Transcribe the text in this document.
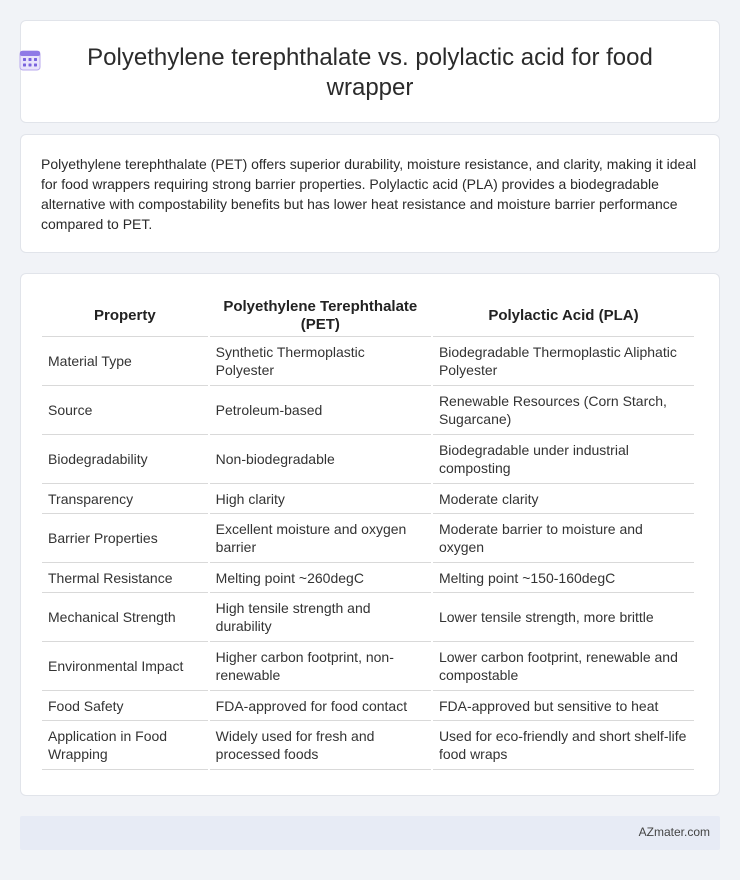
Polyethylene terephthalate vs. polylactic acid for food wrapper

Polyethylene terephthalate (PET) offers superior durability, moisture resistance, and clarity, making it ideal for food wrappers requiring strong barrier properties. Polylactic acid (PLA) provides a biodegradable alternative with compostability benefits but has lower heat resistance and moisture barrier performance compared to PET.

Property	Polyethylene Terephthalate (PET)	Polylactic Acid (PLA)
Material Type	Synthetic Thermoplastic Polyester	Biodegradable Thermoplastic Aliphatic Polyester
Source	Petroleum-based	Renewable Resources (Corn Starch, Sugarcane)
Biodegradability	Non-biodegradable	Biodegradable under industrial composting
Transparency	High clarity	Moderate clarity
Barrier Properties	Excellent moisture and oxygen barrier	Moderate barrier to moisture and oxygen
Thermal Resistance	Melting point ~260degC	Melting point ~150-160degC
Mechanical Strength	High tensile strength and durability	Lower tensile strength, more brittle
Environmental Impact	Higher carbon footprint, non-renewable	Lower carbon footprint, renewable and compostable
Food Safety	FDA-approved for food contact	FDA-approved but sensitive to heat
Application in Food Wrapping	Widely used for fresh and processed foods	Used for eco-friendly and short shelf-life food wraps
AZmater.com
